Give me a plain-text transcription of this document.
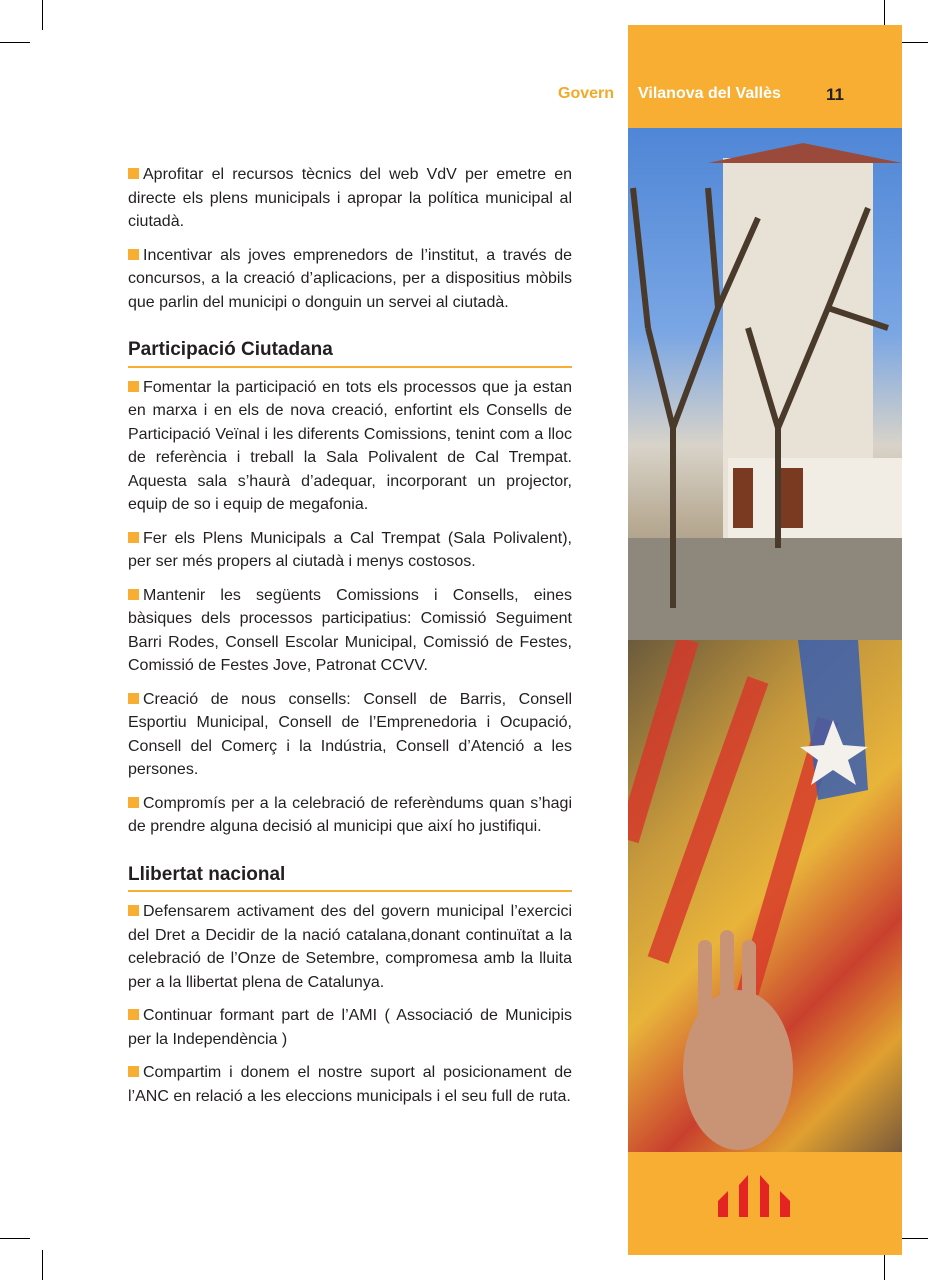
Govern Vilanova del Vallès	11

Aprofitar el recursos tècnics del web VdV per emetre en directe els plens municipals i apropar la política municipal al ciutadà.

Incentivar als joves emprenedors de l’institut, a través de concursos, a la creació d’aplicacions, per a dispositius mòbils que parlin del municipi o donguin un servei al ciutadà.

Participació Ciutadana

Fomentar la participació en tots els processos que ja estan en marxa i en els de nova creació, enfortint els Consells de Participació Veïnal i les diferents Comissions, tenint com a lloc de referència i treball la Sala Polivalent de Cal Trempat. Aquesta sala s’haurà d’adequar, incorporant un projector, equip de so i equip de megafonia.

Fer els Plens Municipals a Cal Trempat (Sala Polivalent), per ser més propers al ciutadà i menys costosos.

Mantenir les següents Comissions i Consells, eines bàsiques dels processos participatius: Comissió Seguiment Barri Rodes, Consell Escolar Municipal, Comissió de Festes, Comissió de Festes Jove, Patronat CCVV.

Creació de nous consells: Consell de Barris, Consell Esportiu Municipal, Consell de l’Emprenedoria i Ocupació, Consell del Comerç i la Indústria, Consell d’Atenció a les persones.

Compromís per a la celebració de referèndums quan s’hagi de prendre alguna decisió al municipi que així ho justifiqui.

Llibertat nacional

Defensarem activament des del govern municipal l’exercici del Dret a Decidir de la nació catalana,donant continuïtat a la celebració de l’Onze de Setembre, compromesa amb la lluita per a la llibertat plena de Catalunya.

Continuar formant part de l’AMI ( Associació de Municipis per la Independència )

Compartim i donem el nostre suport al posicionament de l’ANC en relació a les eleccions municipals i el seu full de ruta.
